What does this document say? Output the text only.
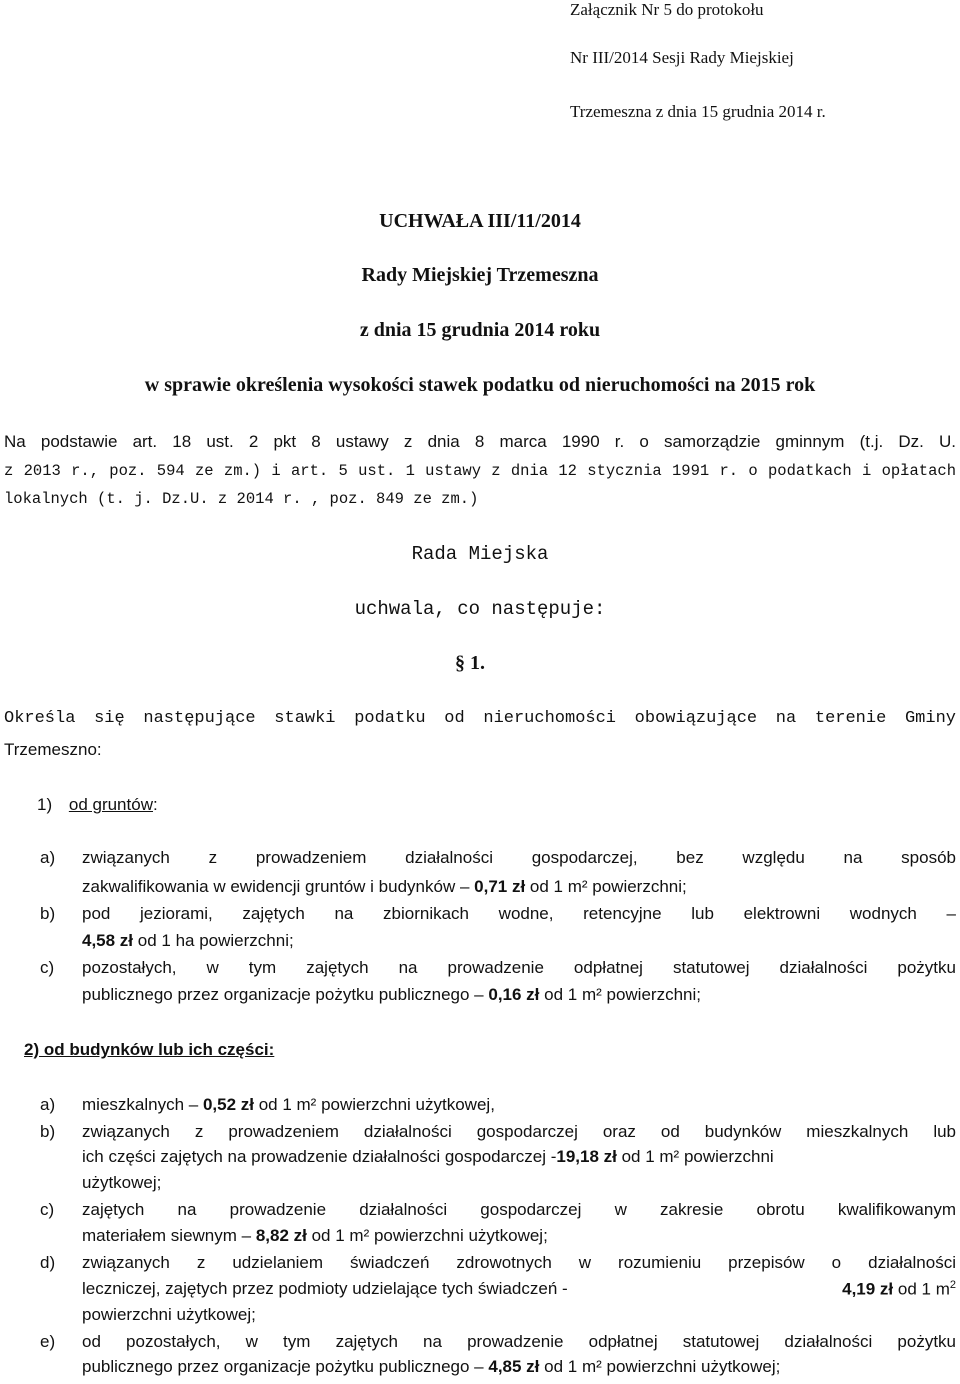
Załącznik Nr 5 do protokołu
Nr III/2014 Sesji Rady Miejskiej
Trzemeszna z dnia 15 grudnia 2014 r.
UCHWAŁA III/11/2014
Rady Miejskiej Trzemeszna
z dnia 15 grudnia 2014 roku
w sprawie określenia wysokości stawek podatku od nieruchomości na 2015 rok
Na podstawie art. 18 ust. 2 pkt 8 ustawy z dnia 8 marca 1990 r. o samorządzie gminnym (t.j. Dz. U.
z 2013 r., poz. 594 ze zm.) i art. 5 ust. 1 ustawy z dnia 12 stycznia 1991 r. o podatkach i opłatach
lokalnych (t. j. Dz.U. z 2014 r. , poz. 849 ze zm.)
Rada Miejska
uchwala, co następuje:
§ 1.
Określa się następujące stawki podatku od nieruchomości obowiązujące na terenie Gminy
Trzemeszno:
1) od gruntów:
a) związanych z prowadzeniem działalności gospodarczej, bez względu na sposób
zakwalifikowania w ewidencji gruntów i budynków – 0,71 zł od 1 m² powierzchni;
b) pod jeziorami, zajętych na zbiornikach wodne, retencyjne lub elektrowni wodnych –
4,58 zł od 1 ha powierzchni;
c) pozostałych, w tym zajętych na prowadzenie odpłatnej statutowej działalności pożytku
publicznego przez organizacje pożytku publicznego – 0,16 zł od 1 m² powierzchni;
2) od budynków lub ich części:
a) mieszkalnych – 0,52 zł od 1 m² powierzchni użytkowej,
b) związanych z prowadzeniem działalności gospodarczej oraz od budynków mieszkalnych lub
ich części zajętych na prowadzenie działalności gospodarczej -19,18 zł od 1 m² powierzchni
użytkowej;
c) zajętych na prowadzenie działalności gospodarczej w zakresie obrotu kwalifikowanym
materiałem siewnym – 8,82 zł od 1 m² powierzchni użytkowej;
d) związanych z udzielaniem świadczeń zdrowotnych w rozumieniu przepisów o działalności
leczniczej, zajętych przez podmioty udzielające tych świadczeń -	4,19 zł od 1 $m^2$
powierzchni użytkowej;
e) od pozostałych, w tym zajętych na prowadzenie odpłatnej statutowej działalności pożytku
publicznego przez organizacje pożytku publicznego – 4,85 zł od 1 m² powierzchni użytkowej;
